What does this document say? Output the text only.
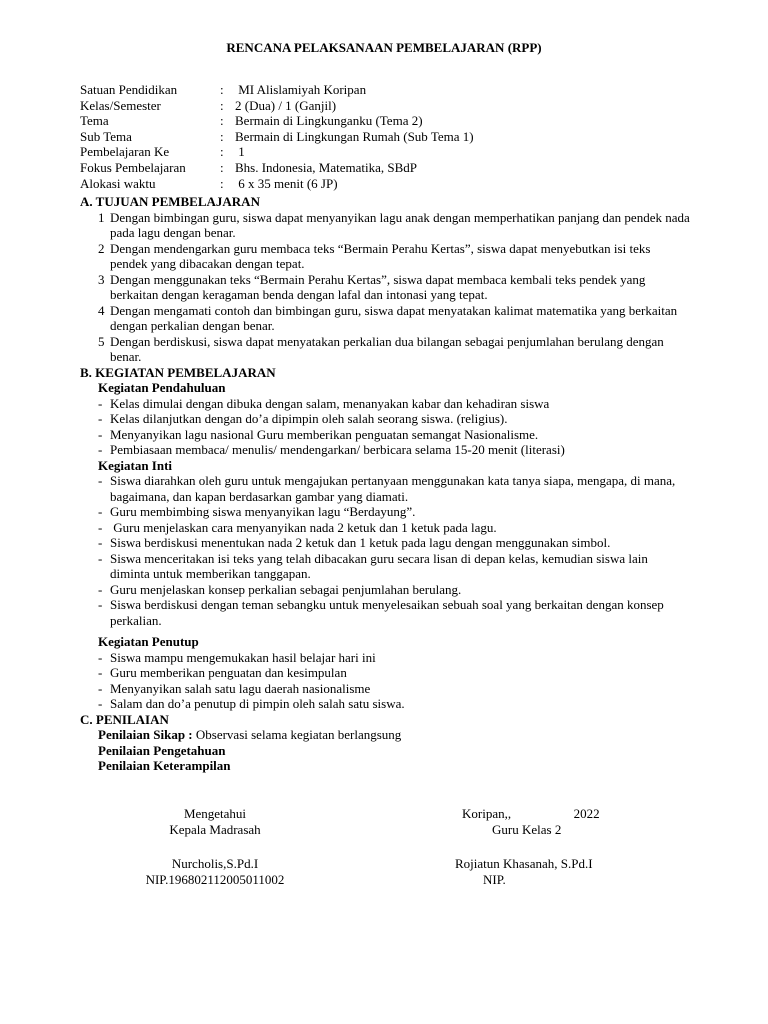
RENCANA PELAKSANAAN PEMBELAJARAN (RPP)
Satuan Pendidikan	: MI Alislamiyah Koripan
Kelas/Semester	: 2 (Dua) / 1 (Ganjil)
Tema	: Bermain di Lingkunganku (Tema 2)
Sub Tema	: Bermain di Lingkungan Rumah (Sub Tema 1)
Pembelajaran Ke	: 1
Fokus Pembelajaran	: Bhs. Indonesia, Matematika, SBdP
Alokasi waktu	: 6 x 35 menit (6 JP)
A. TUJUAN PEMBELAJARAN
1 Dengan bimbingan guru, siswa dapat menyanyikan lagu anak dengan memperhatikan panjang dan pendek nada pada lagu dengan benar.
2 Dengan mendengarkan guru membaca teks “Bermain Perahu Kertas”, siswa dapat menyebutkan isi teks pendek yang dibacakan dengan tepat.
3 Dengan menggunakan teks “Bermain Perahu Kertas”, siswa dapat membaca kembali teks pendek yang berkaitan dengan keragaman benda dengan lafal dan intonasi yang tepat.
4 Dengan mengamati contoh dan bimbingan guru, siswa dapat menyatakan kalimat matematika yang berkaitan dengan perkalian dengan benar.
5 Dengan berdiskusi, siswa dapat menyatakan perkalian dua bilangan sebagai penjumlahan berulang dengan benar.
B. KEGIATAN PEMBELAJARAN
Kegiatan Pendahuluan
- Kelas dimulai dengan dibuka dengan salam, menanyakan kabar dan kehadiran siswa
- Kelas dilanjutkan dengan do’a dipimpin oleh salah seorang siswa. (religius).
- Menyanyikan lagu nasional Guru memberikan penguatan semangat Nasionalisme.
- Pembiasaan membaca/ menulis/ mendengarkan/ berbicara selama 15-20 menit (literasi)
Kegiatan Inti
- Siswa diarahkan oleh guru untuk mengajukan pertanyaan menggunakan kata tanya siapa, mengapa, di mana, bagaimana, dan kapan berdasarkan gambar yang diamati.
- Guru membimbing siswa menyanyikan lagu “Berdayung”.
- Guru menjelaskan cara menyanyikan nada 2 ketuk dan 1 ketuk pada lagu.
- Siswa berdiskusi menentukan nada 2 ketuk dan 1 ketuk pada lagu dengan menggunakan simbol.
- Siswa menceritakan isi teks yang telah dibacakan guru secara lisan di depan kelas, kemudian siswa lain diminta untuk memberikan tanggapan.
- Guru menjelaskan konsep perkalian sebagai penjumlahan berulang.
- Siswa berdiskusi dengan teman sebangku untuk menyelesaikan sebuah soal yang berkaitan dengan konsep perkalian.
Kegiatan Penutup
- Siswa mampu mengemukakan hasil belajar hari ini
- Guru memberikan penguatan dan kesimpulan
- Menyanyikan salah satu lagu daerah nasionalisme
- Salam dan do’a penutup di pimpin oleh salah satu siswa.
C. PENILAIAN
Penilaian Sikap : Observasi selama kegiatan berlangsung
Penilaian Pengetahuan
Penilaian Keterampilan
Mengetahui
Kepala Madrasah
Nurcholis,S.Pd.I
NIP.196802112005011002
Koripan,,	2022
Guru Kelas 2
Rojiatun Khasanah, S.Pd.I
NIP.
